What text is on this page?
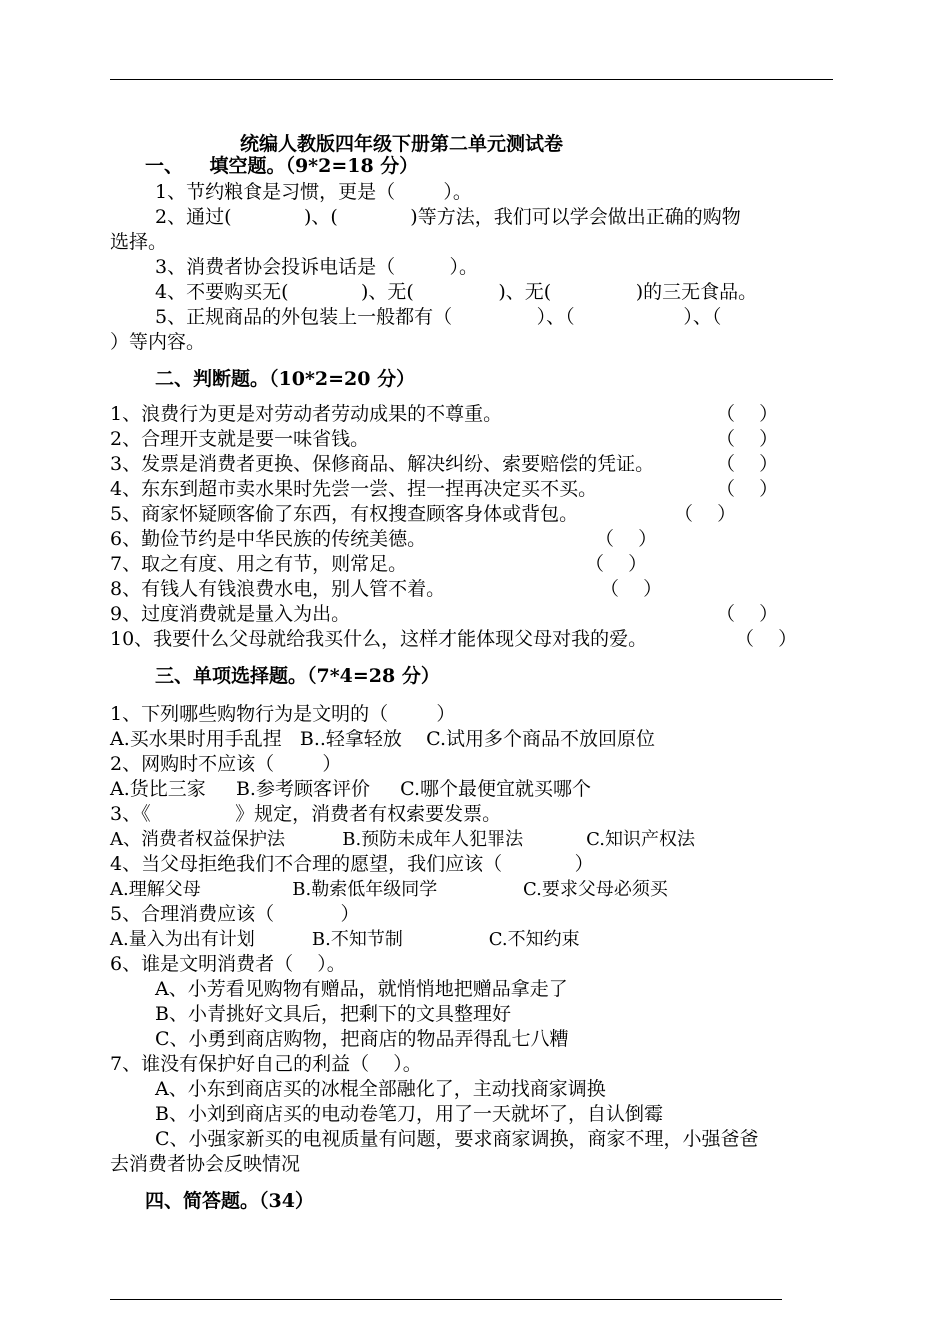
统编人教版四年级下册第二单元测试卷
一、    填空题。（9*2=18 分）
1、节约粮食是习惯，更是（        ）。
2、通过(            )、(            )等方法，我们可以学会做出正确的购物
选择。
3、消费者协会投诉电话是（         ）。
4、不要购买无(            )、无(              )、无(              )的三无食品。
5、正规商品的外包装上一般都有（              ）、（                  ）、（
）等内容。
二、判断题。（10*2=20 分）
1、浪费行为更是对劳动者劳动成果的不尊重。	（    ）
2、合理开支就是要一味省钱。	（    ）
3、发票是消费者更换、保修商品、解决纠纷、索要赔偿的凭证。	（    ）
4、东东到超市卖水果时先尝一尝、捏一捏再决定买不买。	（    ）
5、商家怀疑顾客偷了东西，有权搜查顾客身体或背包。	（    ）
6、勤俭节约是中华民族的传统美德。	（    ）
7、取之有度、用之有节，则常足。	（    ）
8、有钱人有钱浪费水电，别人管不着。	（    ）
9、过度消费就是量入为出。	（    ）
10、我要什么父母就给我买什么，这样才能体现父母对我的爱。	（    ）
三、单项选择题。（7*4=28 分）
1、下列哪些购物行为是文明的（        ）
A.买水果时用手乱捏   B..轻拿轻放    C.试用多个商品不放回原位
2、网购时不应该（        ）
A.货比三家     B.参考顾客评价     C.哪个最便宜就买哪个
3、《              》规定，消费者有权索要发票。
A、消费者权益保护法          B.预防未成年人犯罪法           C.知识产权法
4、当父母拒绝我们不合理的愿望，我们应该（            ）
A.理解父母                B.勒索低年级同学               C.要求父母必须买
5、合理消费应该（           ）
A.量入为出有计划          B.不知节制               C.不知约束
6、谁是文明消费者（    ）。
A、小芳看见购物有赠品，就悄悄地把赠品拿走了
B、小青挑好文具后，把剩下的文具整理好
C、小勇到商店购物，把商店的物品弄得乱七八糟
7、谁没有保护好自己的利益（    ）。
A、小东到商店买的冰棍全部融化了，主动找商家调换
B、小刘到商店买的电动卷笔刀，用了一天就坏了，自认倒霉
C、小强家新买的电视质量有问题，要求商家调换，商家不理，小强爸爸
去消费者协会反映情况
四、简答题。（34）
